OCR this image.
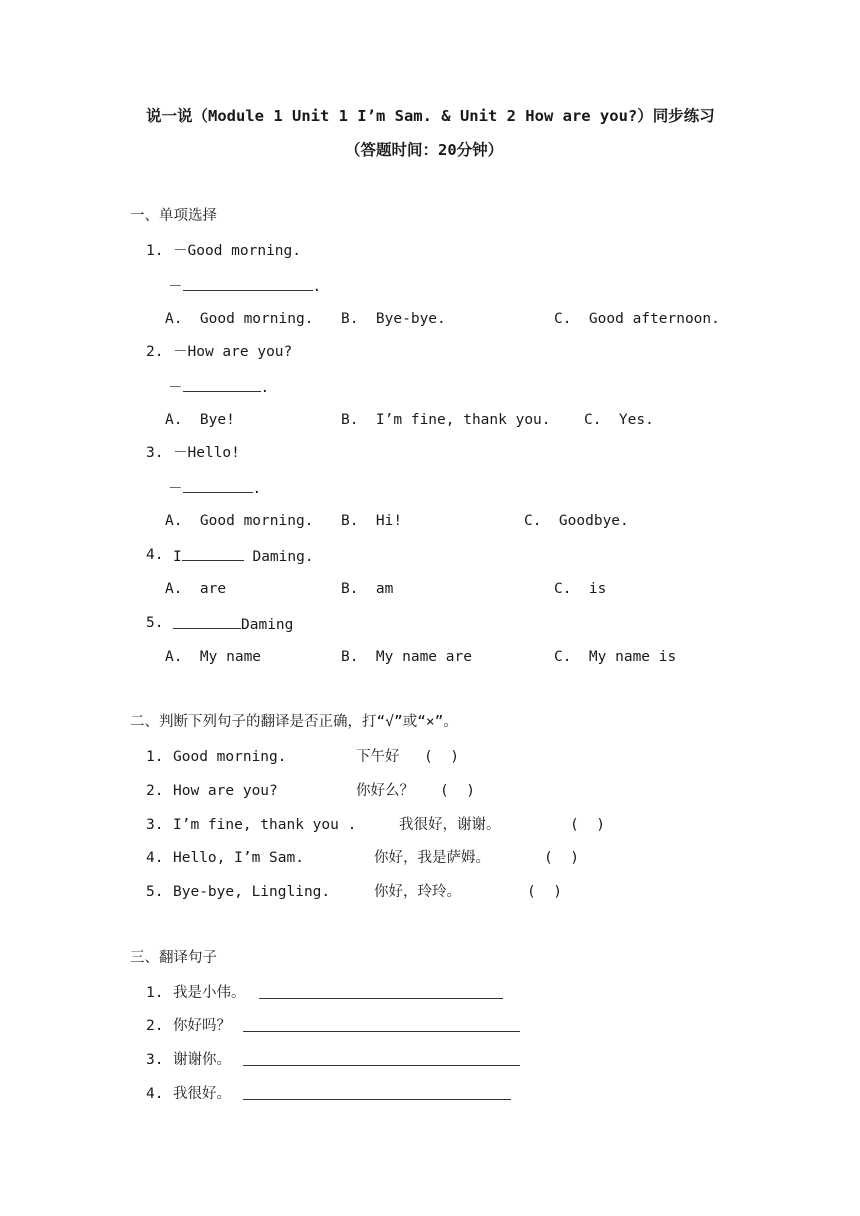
说一说（Module 1 Unit 1 I’m Sam. & Unit 2 How are you?）同步练习
（答题时间：20分钟）
一、单项选择
1. －Good morning.
－	.
A.  Good morning. B.  Bye-bye.	C.  Good afternoon.
2. －How are you?
－	.
A.  Bye!	B.  I’m fine, thank you. C.  Yes.
3. －Hello!
－	.
A.  Good morning. B.  Hi!	C.  Goodbye.
4. I	Daming.
A.  are	B.  am	C.  is
5.	Daming
A.  My name	B.  My name are	C.  My name is
二、判断下列句子的翻译是否正确，打“√”或“×”。
1. Good morning.	下午好 (  )
2. How are you?	你好么？ (  )
3. I’m fine, thank you .	我很好，谢谢。	(  )
4. Hello, I’m Sam.	你好，我是萨姆。	(  )
5. Bye-bye, Lingling.	你好，玲玲。	(  )
三、翻译句子
1. 我是小伟。
2. 你好吗？
3. 谢谢你。
4. 我很好。
